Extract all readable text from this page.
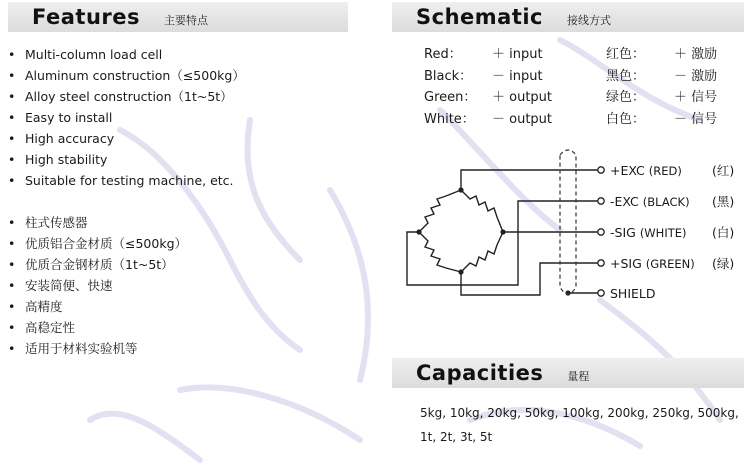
Features 主要特点
• Multi-column load cell
• Aluminum construction（≤500kg）
• Alloy steel construction（1t~5t）
• Easy to install
• High accuracy
• High stability
• Suitable for testing machine, etc.
• 柱式传感器
• 优质铝合金材质（≤500kg）
• 优质合金钢材质（1t~5t）
• 安装简便、快速
• 高精度
• 高稳定性
• 适用于材料实验机等
Schematic 接线方式
Red： ＋ input	红色： ＋ 激励
Black： － input	黑色： － 激励
Green： ＋ output	绿色： ＋ 信号
White： － output	白色： － 信号
+EXC (RED) (红)
-EXC (BLACK) (黑)
-SIG (WHITE) (白)
+SIG (GREEN) (绿)
SHIELD
Capacities 量程
5kg, 10kg, 20kg, 50kg, 100kg, 200kg, 250kg, 500kg,
1t, 2t, 3t, 5t
